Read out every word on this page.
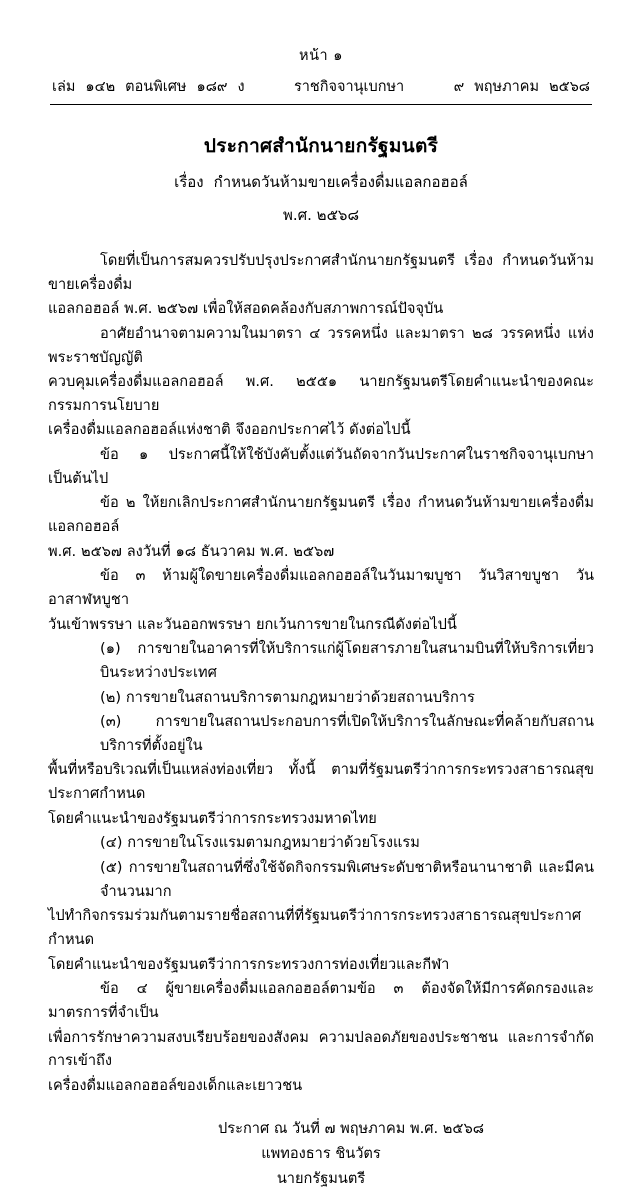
หน้า ๑
เล่ม ๑๔๒ ตอนพิเศษ ๑๘๙ ง	ราชกิจจานุเบกษา	๙ พฤษภาคม ๒๕๖๘
ประกาศสำนักนายกรัฐมนตรี
เรื่อง กำหนดวันห้ามขายเครื่องดื่มแอลกอฮอล์
พ.ศ. ๒๕๖๘

โดยที่เป็นการสมควรปรับปรุงประกาศสำนักนายกรัฐมนตรี เรื่อง กำหนดวันห้ามขายเครื่องดื่ม

แอลกอฮอล์ พ.ศ. ๒๕๖๗ เพื่อให้สอดคล้องกับสภาพการณ์ปัจจุบัน

อาศัยอำนาจตามความในมาตรา ๔ วรรคหนึ่ง และมาตรา ๒๘ วรรคหนึ่ง แห่งพระราชบัญญัติ

ควบคุมเครื่องดื่มแอลกอฮอล์ พ.ศ. ๒๕๕๑ นายกรัฐมนตรีโดยคำแนะนำของคณะกรรมการนโยบาย

เครื่องดื่มแอลกอฮอล์แห่งชาติ จึงออกประกาศไว้ ดังต่อไปนี้

ข้อ ๑ ประกาศนี้ให้ใช้บังคับตั้งแต่วันถัดจากวันประกาศในราชกิจจานุเบกษาเป็นต้นไป

ข้อ ๒ ให้ยกเลิกประกาศสำนักนายกรัฐมนตรี เรื่อง กำหนดวันห้ามขายเครื่องดื่มแอลกอฮอล์

พ.ศ. ๒๕๖๗ ลงวันที่ ๑๘ ธันวาคม พ.ศ. ๒๕๖๗

ข้อ ๓ ห้ามผู้ใดขายเครื่องดื่มแอลกอฮอล์ในวันมาฆบูชา วันวิสาขบูชา วันอาสาฬหบูชา

วันเข้าพรรษา และวันออกพรรษา ยกเว้นการขายในกรณีดังต่อไปนี้

(๑) การขายในอาคารที่ให้บริการแก่ผู้โดยสารภายในสนามบินที่ให้บริการเที่ยวบินระหว่างประเทศ

(๒) การขายในสถานบริการตามกฎหมายว่าด้วยสถานบริการ

(๓) การขายในสถานประกอบการที่เปิดให้บริการในลักษณะที่คล้ายกับสถานบริการที่ตั้งอยู่ใน

พื้นที่หรือบริเวณที่เป็นแหล่งท่องเที่ยว ทั้งนี้ ตามที่รัฐมนตรีว่าการกระทรวงสาธารณสุขประกาศกำหนด

โดยคำแนะนำของรัฐมนตรีว่าการกระทรวงมหาดไทย

(๔) การขายในโรงแรมตามกฎหมายว่าด้วยโรงแรม

(๕) การขายในสถานที่ซึ่งใช้จัดกิจกรรมพิเศษระดับชาติหรือนานาชาติ และมีคนจำนวนมาก

ไปทำกิจกรรมร่วมกันตามรายชื่อสถานที่ที่รัฐมนตรีว่าการกระทรวงสาธารณสุขประกาศกำหนด

โดยคำแนะนำของรัฐมนตรีว่าการกระทรวงการท่องเที่ยวและกีฬา

ข้อ ๔ ผู้ขายเครื่องดื่มแอลกอฮอล์ตามข้อ ๓ ต้องจัดให้มีการคัดกรองและมาตรการที่จำเป็น

เพื่อการรักษาความสงบเรียบร้อยของสังคม ความปลอดภัยของประชาชน และการจำกัดการเข้าถึง

เครื่องดื่มแอลกอฮอล์ของเด็กและเยาวชน

ประกาศ ณ วันที่ ๗ พฤษภาคม พ.ศ. ๒๕๖๘
แพทองธาร ชินวัตร
นายกรัฐมนตรี
